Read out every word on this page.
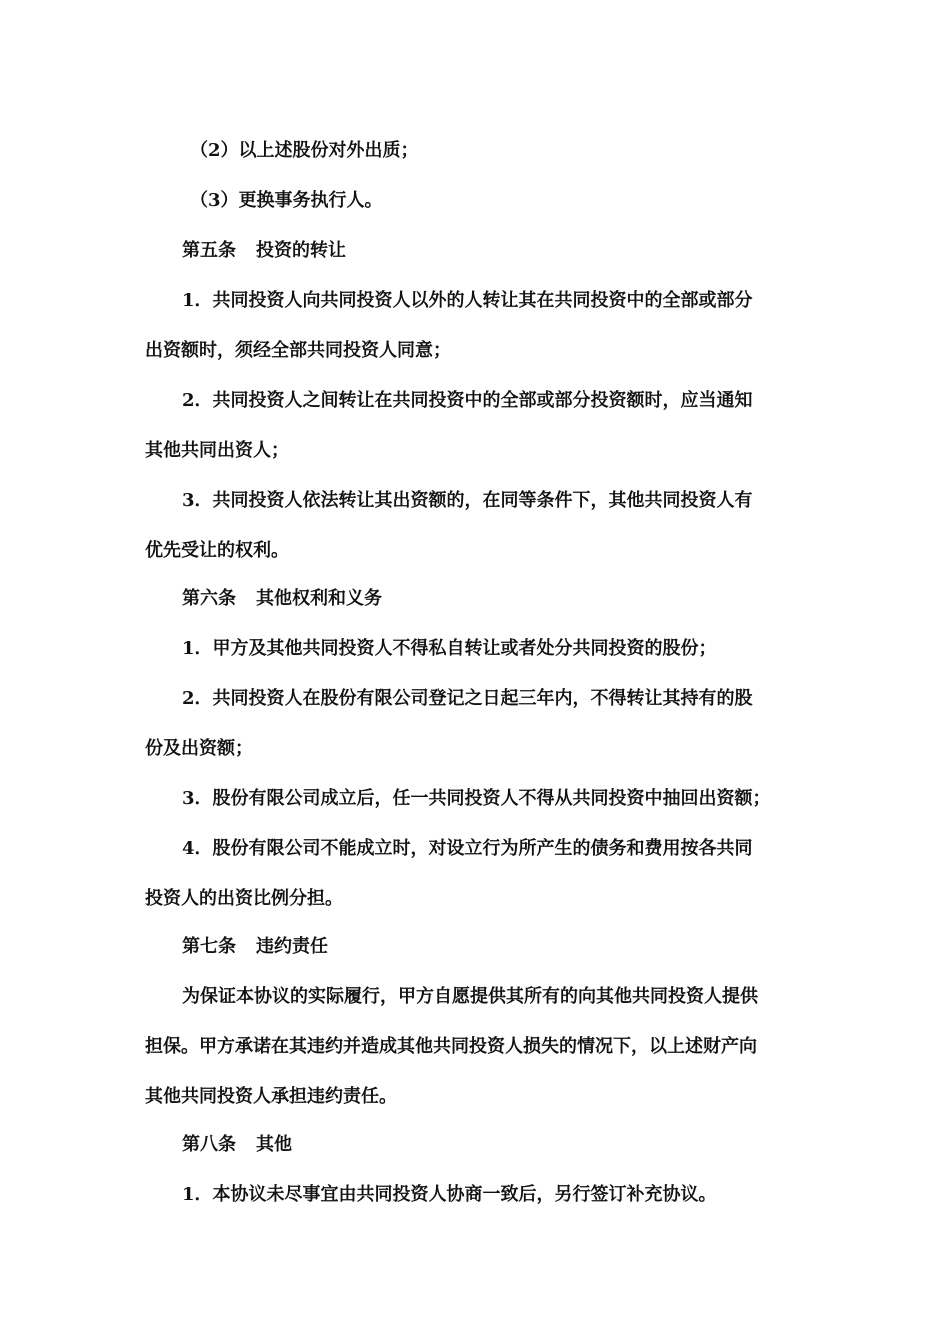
（2）以上述股份对外出质；
（3）更换事务执行人。
第五条 投资的转让
1．共同投资人向共同投资人以外的人转让其在共同投资中的全部或部分
出资额时，须经全部共同投资人同意；
2．共同投资人之间转让在共同投资中的全部或部分投资额时，应当通知
其他共同出资人；
3．共同投资人依法转让其出资额的，在同等条件下，其他共同投资人有
优先受让的权利。
第六条 其他权利和义务
1．甲方及其他共同投资人不得私自转让或者处分共同投资的股份；
2．共同投资人在股份有限公司登记之日起三年内，不得转让其持有的股
份及出资额；
3．股份有限公司成立后，任一共同投资人不得从共同投资中抽回出资额；
4．股份有限公司不能成立时，对设立行为所产生的债务和费用按各共同
投资人的出资比例分担。
第七条 违约责任
为保证本协议的实际履行，甲方自愿提供其所有的向其他共同投资人提供
担保。甲方承诺在其违约并造成其他共同投资人损失的情况下，以上述财产向
其他共同投资人承担违约责任。
第八条 其他
1．本协议未尽事宜由共同投资人协商一致后，另行签订补充协议。
